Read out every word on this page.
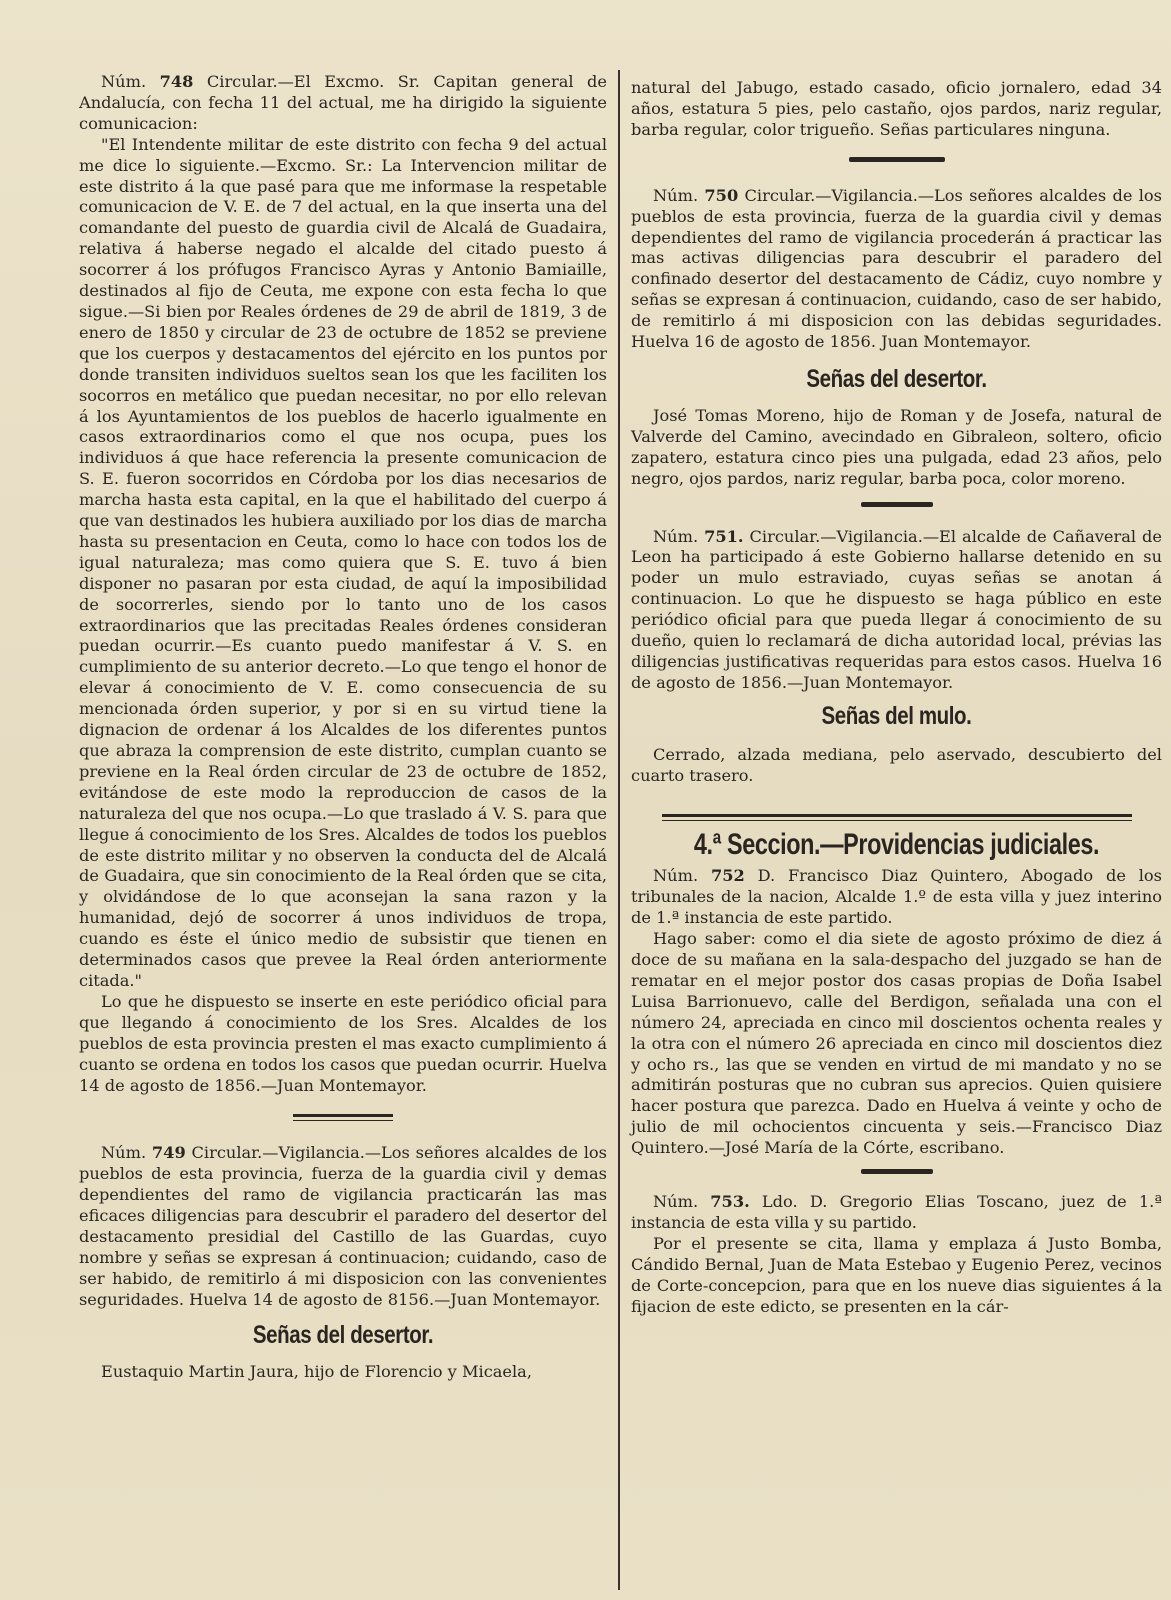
Núm. 748 Circular.—El Excmo. Sr. Capitan general de Andalucía, con fecha 11 del actual, me ha dirigido la siguiente comunicacion:

"El Intendente militar de este distrito con fecha 9 del actual me dice lo siguiente.—Excmo. Sr.: La Intervencion militar de este distrito á la que pasé para que me informase la respetable comunicacion de V. E. de 7 del actual, en la que inserta una del comandante del puesto de guardia civil de Alcalá de Guadaira, relativa á haberse negado el alcalde del citado puesto á socorrer á los prófugos Francisco Ayras y Antonio Bamiaille, destinados al fijo de Ceuta, me expone con esta fecha lo que sigue.—Si bien por Reales órdenes de 29 de abril de 1819, 3 de enero de 1850 y circular de 23 de octubre de 1852 se previene que los cuerpos y destacamentos del ejército en los puntos por donde transiten individuos sueltos sean los que les faciliten los socorros en metálico que puedan necesitar, no por ello relevan á los Ayuntamientos de los pueblos de hacerlo igualmente en casos extraordinarios como el que nos ocupa, pues los individuos á que hace referencia la presente comunicacion de S. E. fueron socorridos en Córdoba por los dias necesarios de marcha hasta esta capital, en la que el habilitado del cuerpo á que van destinados les hubiera auxiliado por los dias de marcha hasta su presentacion en Ceuta, como lo hace con todos los de igual naturaleza; mas como quiera que S. E. tuvo á bien disponer no pasaran por esta ciudad, de aquí la imposibilidad de socorrerles, siendo por lo tanto uno de los casos extraordinarios que las precitadas Reales órdenes consideran puedan ocurrir.—Es cuanto puedo manifestar á V. S. en cumplimiento de su anterior decreto.—Lo que tengo el honor de elevar á conocimiento de V. E. como consecuencia de su mencionada órden superior, y por si en su virtud tiene la dignacion de ordenar á los Alcaldes de los diferentes puntos que abraza la comprension de este distrito, cumplan cuanto se previene en la Real órden circular de 23 de octubre de 1852, evitándose de este modo la reproduccion de casos de la naturaleza del que nos ocupa.—Lo que traslado á V. S. para que llegue á conocimiento de los Sres. Alcaldes de todos los pueblos de este distrito militar y no observen la conducta del de Alcalá de Guadaira, que sin conocimiento de la Real órden que se cita, y olvidándose de lo que aconsejan la sana razon y la humanidad, dejó de socorrer á unos individuos de tropa, cuando es éste el único medio de subsistir que tienen en determinados casos que prevee la Real órden anteriormente citada."

Lo que he dispuesto se inserte en este periódico oficial para que llegando á conocimiento de los Sres. Alcaldes de los pueblos de esta provincia presten el mas exacto cumplimiento á cuanto se ordena en todos los casos que puedan ocurrir. Huelva 14 de agosto de 1856.—Juan Montemayor.

Núm. 749 Circular.—Vigilancia.—Los señores alcaldes de los pueblos de esta provincia, fuerza de la guardia civil y demas dependientes del ramo de vigilancia practicarán las mas eficaces diligencias para descubrir el paradero del desertor del destacamento presidial del Castillo de las Guardas, cuyo nombre y señas se expresan á continuacion; cuidando, caso de ser habido, de remitirlo á mi disposicion con las convenientes seguridades. Huelva 14 de agosto de 8156.—Juan Montemayor.

Señas del desertor.

Eustaquio Martin Jaura, hijo de Florencio y Micaela,

natural del Jabugo, estado casado, oficio jornalero, edad 34 años, estatura 5 pies, pelo castaño, ojos pardos, nariz regular, barba regular, color trigueño. Señas particulares ninguna.

Núm. 750 Circular.—Vigilancia.—Los señores alcaldes de los pueblos de esta provincia, fuerza de la guardia civil y demas dependientes del ramo de vigilancia procederán á practicar las mas activas diligencias para descubrir el paradero del confinado desertor del destacamento de Cádiz, cuyo nombre y señas se expresan á continuacion, cuidando, caso de ser habido, de remitirlo á mi disposicion con las debidas seguridades. Huelva 16 de agosto de 1856. Juan Montemayor.

Señas del desertor.

José Tomas Moreno, hijo de Roman y de Josefa, natural de Valverde del Camino, avecindado en Gibraleon, soltero, oficio zapatero, estatura cinco pies una pulgada, edad 23 años, pelo negro, ojos pardos, nariz regular, barba poca, color moreno.

Núm. 751. Circular.—Vigilancia.—El alcalde de Cañaveral de Leon ha participado á este Gobierno hallarse detenido en su poder un mulo estraviado, cuyas señas se anotan á continuacion. Lo que he dispuesto se haga público en este periódico oficial para que pueda llegar á conocimiento de su dueño, quien lo reclamará de dicha autoridad local, prévias las diligencias justificativas requeridas para estos casos. Huelva 16 de agosto de 1856.—Juan Montemayor.

Señas del mulo.

Cerrado, alzada mediana, pelo aservado, descubierto del cuarto trasero.

4.ª Seccion.—Providencias judiciales.

Núm. 752 D. Francisco Diaz Quintero, Abogado de los tribunales de la nacion, Alcalde 1.º de esta villa y juez interino de 1.ª instancia de este partido.

Hago saber: como el dia siete de agosto próximo de diez á doce de su mañana en la sala-despacho del juzgado se han de rematar en el mejor postor dos casas propias de Doña Isabel Luisa Barrionuevo, calle del Berdigon, señalada una con el número 24, apreciada en cinco mil doscientos ochenta reales y la otra con el número 26 apreciada en cinco mil doscientos diez y ocho rs., las que se venden en virtud de mi mandato y no se admitirán posturas que no cubran sus aprecios. Quien quisiere hacer postura que parezca. Dado en Huelva á veinte y ocho de julio de mil ochocientos cincuenta y seis.—Francisco Diaz Quintero.—José María de la Córte, escribano.

Núm. 753. Ldo. D. Gregorio Elias Toscano, juez de 1.ª instancia de esta villa y su partido.

Por el presente se cita, llama y emplaza á Justo Bomba, Cándido Bernal, Juan de Mata Estebao y Eugenio Perez, vecinos de Corte-concepcion, para que en los nueve dias siguientes á la fijacion de este edicto, se presenten en la cár-
